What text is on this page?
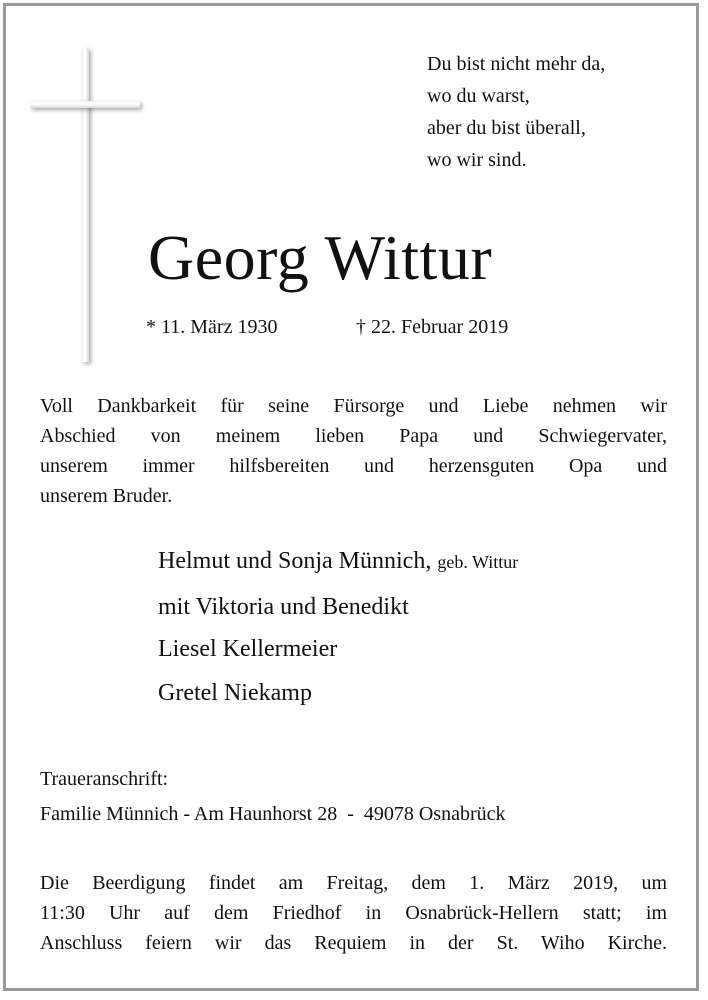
Du bist nicht mehr da,
wo du warst,
aber du bist überall,
wo wir sind.
Georg Wittur
* 11. März 1930	† 22. Februar 2019
Voll Dankbarkeit für seine Fürsorge und Liebe nehmen wir
Abschied von meinem lieben Papa und Schwiegervater,
unserem immer hilfsbereiten und herzensguten Opa und
unserem Bruder.
Helmut und Sonja Münnich, geb. Wittur
mit Viktoria und Benedikt
Liesel Kellermeier
Gretel Niekamp
Traueranschrift:
Familie Münnich - Am Haunhorst 28  -  49078 Osnabrück
Die Beerdigung findet am Freitag, dem 1. März 2019, um
11:30 Uhr auf dem Friedhof in Osnabrück-Hellern statt; im
Anschluss feiern wir das Requiem in der St. Wiho Kirche.
